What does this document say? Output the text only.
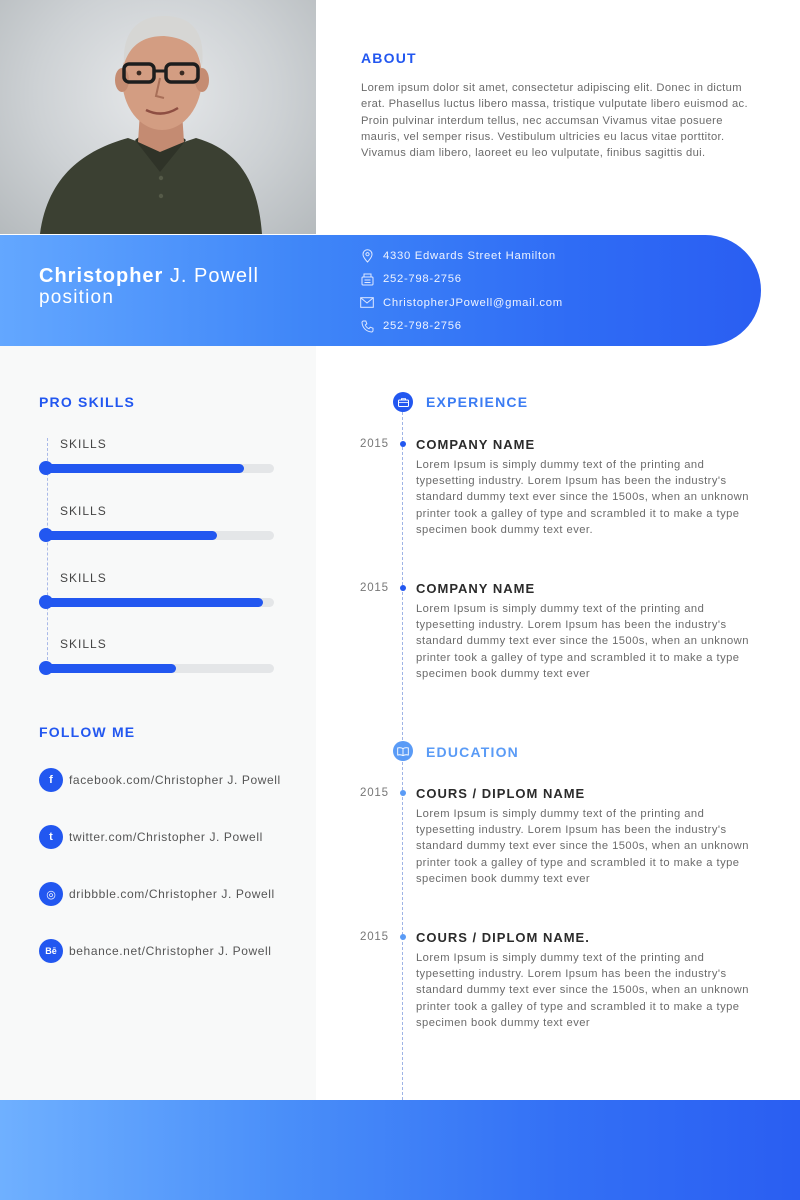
ABOUT

Lorem ipsum dolor sit amet, consectetur adipiscing elit. Donec in dictum erat. Phasellus luctus libero massa, tristique vulputate libero euismod ac. Proin pulvinar interdum tellus, nec accumsan Vivamus vitae posuere mauris, vel semper risus. Vestibulum ultricies eu lacus vitae porttitor. Vivamus diam libero, laoreet eu leo vulputate, finibus sagittis dui.

Christopher J. Powell
position
4330 Edwards Street Hamilton
252-798-2756
ChristopherJPowell@gmail.com
252-798-2756
PRO SKILLS
SKILLS
SKILLS
SKILLS
SKILLS
FOLLOW ME
f	facebook.com/Christopher J. Powell
t	twitter.com/Christopher J. Powell
◎	dribbble.com/Christopher J. Powell
Bē	behance.net/Christopher J. Powell
EXPERIENCE
2015 COMPANY NAME
Lorem Ipsum is simply dummy text of the printing and typesetting industry. Lorem Ipsum has been the industry's standard dummy text ever since the 1500s, when an unknown printer took a galley of type and scrambled it to make a type specimen book dummy text ever.
2015 COMPANY NAME
Lorem Ipsum is simply dummy text of the printing and typesetting industry. Lorem Ipsum has been the industry's standard dummy text ever since the 1500s, when an unknown printer took a galley of type and scrambled it to make a type specimen book dummy text ever
EDUCATION
2015 COURS / DIPLOM NAME
Lorem Ipsum is simply dummy text of the printing and typesetting industry. Lorem Ipsum has been the industry's standard dummy text ever since the 1500s, when an unknown printer took a galley of type and scrambled it to make a type specimen book dummy text ever
2015 COURS / DIPLOM NAME.
Lorem Ipsum is simply dummy text of the printing and typesetting industry. Lorem Ipsum has been the industry's standard dummy text ever since the 1500s, when an unknown printer took a galley of type and scrambled it to make a type specimen book dummy text ever
